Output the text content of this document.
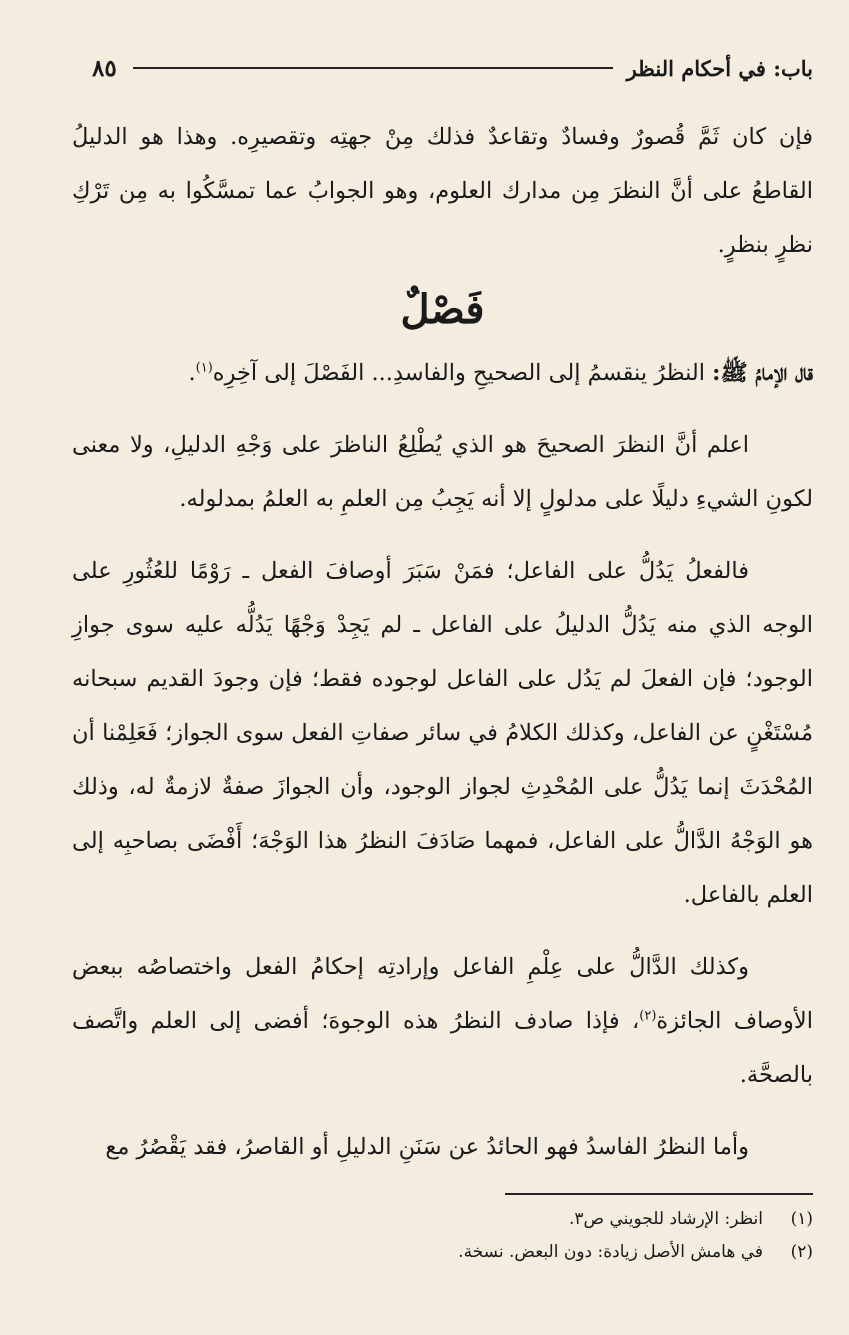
باب: في أحكام النظر
٨٥

فإن كان ثَمَّ قُصورٌ وفسادٌ وتقاعدٌ فذلك مِنْ جهتِه وتقصيرِه. وهذا هو الدليلُ القاطعُ على أنَّ النظرَ مِن مدارك العلوم، وهو الجوابُ عما تمسَّكُوا به مِن تَرْكِ نظرٍ بنظرٍ.

فَصْلٌ

قال الإمامُ ﷺ: النظرُ ينقسمُ إلى الصحيحِ والفاسدِ... الفَصْلَ إلى آخِرِه$^{(١)}$.

اعلم أنَّ النظرَ الصحيحَ هو الذي يُطْلِعُ الناظرَ على وَجْهِ الدليلِ، ولا معنى لكونِ الشيءِ دليلًا على مدلولٍ إلا أنه يَجِبُ مِن العلمِ به العلمُ بمدلوله.

فالفعلُ يَدُلُّ على الفاعل؛ فمَنْ سَبَرَ أوصافَ الفعل ـ رَوْمًا للعُثُورِ على الوجه الذي منه يَدُلُّ الدليلُ على الفاعل ـ لم يَجِدْ وَجْهًا يَدُلُّه عليه سوى جوازِ الوجود؛ فإن الفعلَ لم يَدُل على الفاعل لوجوده فقط؛ فإن وجودَ القديم سبحانه مُسْتَغْنٍ عن الفاعل، وكذلك الكلامُ في سائر صفاتِ الفعل سوى الجواز؛ فَعَلِمْنا أن المُحْدَثَ إنما يَدُلُّ على المُحْدِثِ لجواز الوجود، وأن الجوازَ صفةٌ لازمةٌ له، وذلك هو الوَجْهُ الدَّالُّ على الفاعل، فمهما صَادَفَ النظرُ هذا الوَجْهَ؛ أَفْضَى بصاحبِه إلى العلم بالفاعل.

وكذلك الدَّالُّ على عِلْمِ الفاعل وإرادتِه إحكامُ الفعل واختصاصُه ببعض الأوصاف الجائزة$^{(٢)}$، فإذا صادف النظرُ هذه الوجوهَ؛ أفضى إلى العلم واتَّصف بالصحَّة.

وأما النظرُ الفاسدُ فهو الحائدُ عن سَنَنِ الدليلِ أو القاصرُ، فقد يَقْصُرُ مع

(١)
انظر: الإرشاد للجويني ص٣.
(٢)
في هامش الأصل زيادة: دون البعض. نسخة.
